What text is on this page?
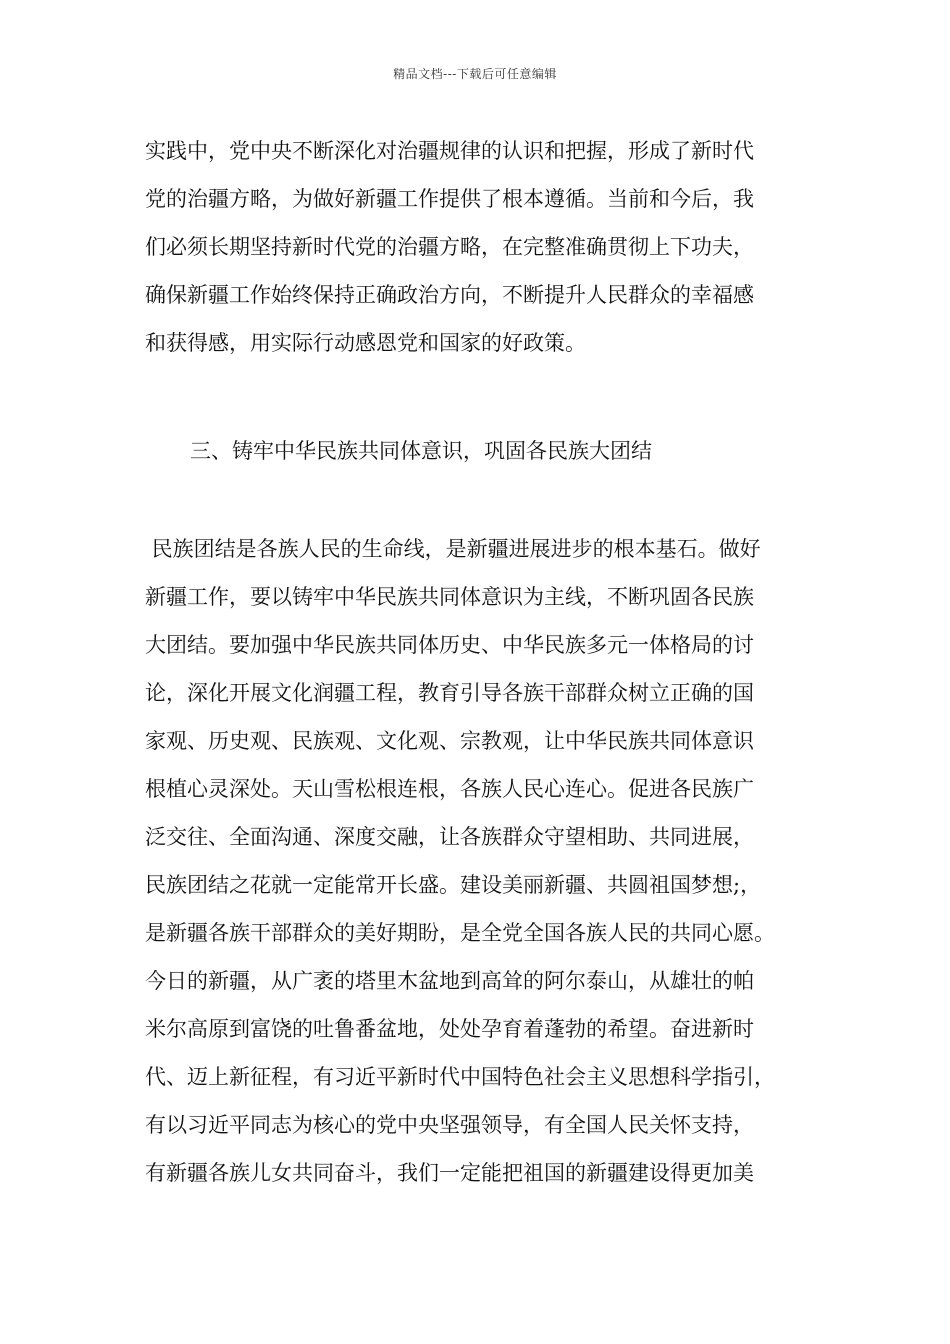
精品文档---下载后可任意编辑
实践中，党中央不断深化对治疆规律的认识和把握，形成了新时代
党的治疆方略，为做好新疆工作提供了根本遵循。当前和今后，我
们必须长期坚持新时代党的治疆方略，在完整准确贯彻上下功夫，
确保新疆工作始终保持正确政治方向，不断提升人民群众的幸福感
和获得感，用实际行动感恩党和国家的好政策。
三、铸牢中华民族共同体意识，巩固各民族大团结
民族团结是各族人民的生命线，是新疆进展进步的根本基石。做好
新疆工作，要以铸牢中华民族共同体意识为主线，不断巩固各民族
大团结。要加强中华民族共同体历史、中华民族多元一体格局的讨
论，深化开展文化润疆工程，教育引导各族干部群众树立正确的国
家观、历史观、民族观、文化观、宗教观，让中华民族共同体意识
根植心灵深处。天山雪松根连根，各族人民心连心。促进各民族广
泛交往、全面沟通、深度交融，让各族群众守望相助、共同进展，
民族团结之花就一定能常开长盛。建设美丽新疆、共圆祖国梦想;，
是新疆各族干部群众的美好期盼，是全党全国各族人民的共同心愿。
今日的新疆，从广袤的塔里木盆地到高耸的阿尔泰山，从雄壮的帕
米尔高原到富饶的吐鲁番盆地，处处孕育着蓬勃的希望。奋进新时
代、迈上新征程，有习近平新时代中国特色社会主义思想科学指引，
有以习近平同志为核心的党中央坚强领导，有全国人民关怀支持，
有新疆各族儿女共同奋斗，我们一定能把祖国的新疆建设得更加美
